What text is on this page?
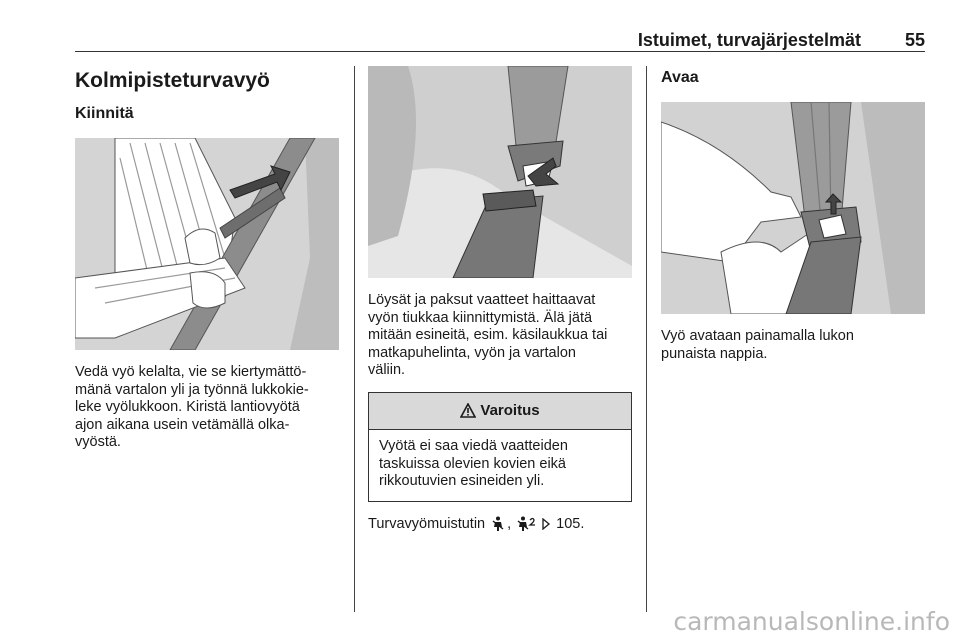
Istuimet, turvajärjestelmät 55
Kolmipisteturvavyö
Kiinnitä

Vedä vyö kelalta, vie se kiertymättö-
mänä vartalon yli ja työnnä lukkokie-
leke vyölukkoon. Kiristä lantiovyötä
ajon aikana usein vetämällä olka-
vyöstä.

Löysät ja paksut vaatteet haittaavat
vyön tiukkaa kiinnittymistä. Älä jätä
mitään esineitä, esim. käsilaukkua tai
matkapuhelinta, vyön ja vartalon
väliin.

Varoitus
Vyötä ei saa viedä vaatteiden
taskuissa olevien kovien eikä
rikkoutuvien esineiden yli.
Turvavyömuistutin ,	105.
Avaa

Vyö avataan painamalla lukon
punaista nappia.

carmanualsonline.info
